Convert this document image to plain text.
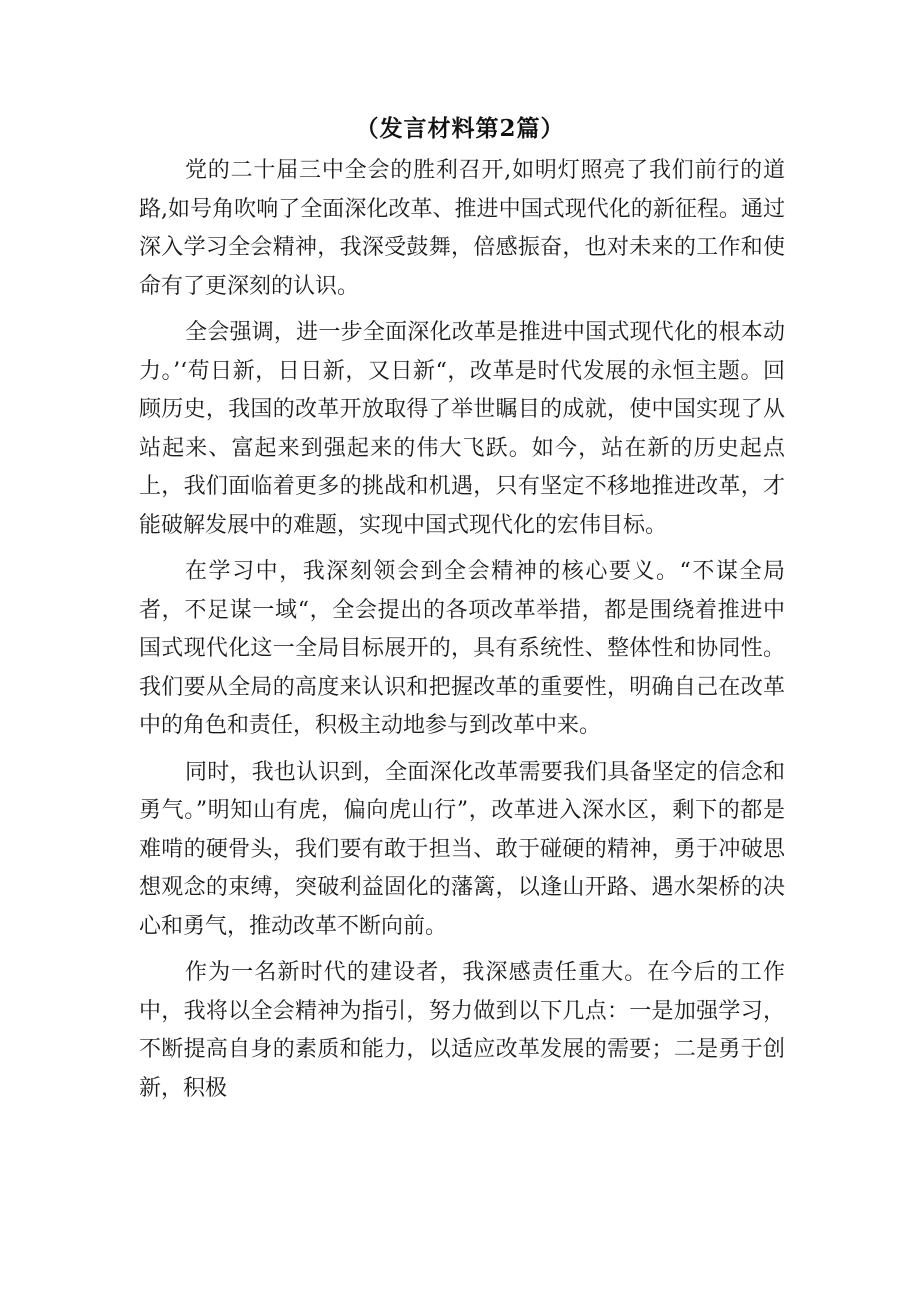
（发言材料第2篇）

党的二十届三中全会的胜利召开,如明灯照亮了我们前行的道路,如号角吹响了全面深化改革、推进中国式现代化的新征程。通过深入学习全会精神，我深受鼓舞，倍感振奋，也对未来的工作和使命有了更深刻的认识。

全会强调，进一步全面深化改革是推进中国式现代化的根本动力。’‘苟日新，日日新，又日新“，改革是时代发展的永恒主题。回顾历史，我国的改革开放取得了举世瞩目的成就，使中国实现了从站起来、富起来到强起来的伟大飞跃。如今，站在新的历史起点上，我们面临着更多的挑战和机遇，只有坚定不移地推进改革，才能破解发展中的难题，实现中国式现代化的宏伟目标。

在学习中，我深刻领会到全会精神的核心要义。“不谋全局者，不足谋一域“，全会提出的各项改革举措，都是围绕着推进中国式现代化这一全局目标展开的，具有系统性、整体性和协同性。我们要从全局的高度来认识和把握改革的重要性，明确自己在改革中的角色和责任，积极主动地参与到改革中来。

同时，我也认识到，全面深化改革需要我们具备坚定的信念和勇气。”明知山有虎，偏向虎山行”，改革进入深水区，剩下的都是难啃的硬骨头，我们要有敢于担当、敢于碰硬的精神，勇于冲破思想观念的束缚，突破利益固化的藩篱，以逢山开路、遇水架桥的决心和勇气，推动改革不断向前。

作为一名新时代的建设者，我深感责任重大。在今后的工作中，我将以全会精神为指引，努力做到以下几点：一是加强学习，不断提高自身的素质和能力，以适应改革发展的需要；二是勇于创新，积极
